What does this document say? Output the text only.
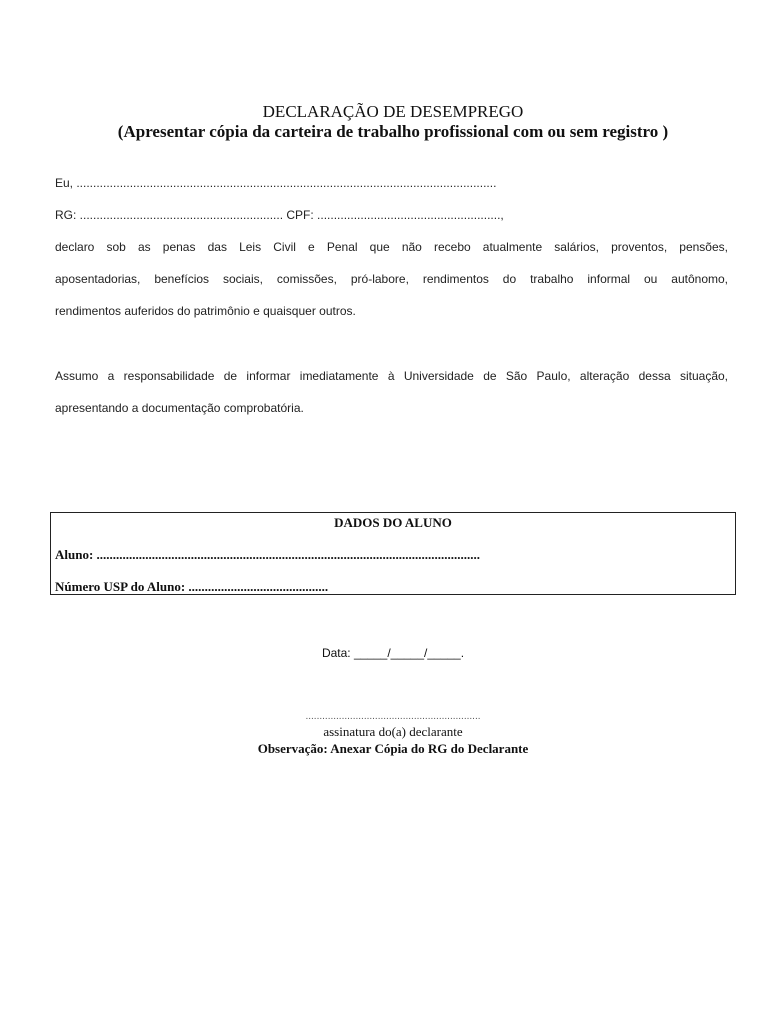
DECLARAÇÃO DE DESEMPREGO
(Apresentar cópia da carteira de trabalho profissional com ou sem registro )
Eu, ..............................................................................................................................
RG: ............................................................. CPF: .......................................................,
declaro sob as penas das Leis Civil e Penal que não recebo atualmente salários, proventos, pensões,
aposentadorias, benefícios sociais, comissões, pró-labore, rendimentos do trabalho informal ou autônomo,
rendimentos auferidos do patrimônio e quaisquer outros.
Assumo a responsabilidade de informar imediatamente à Universidade de São Paulo, alteração dessa situação,
apresentando a documentação comprobatória.
DADOS DO ALUNO
Aluno: ......................................................................................................................
Número USP do Aluno: ...........................................
Data: _____/_____/_____.
...............................................................
assinatura do(a) declarante
Observação: Anexar Cópia do RG do Declarante
